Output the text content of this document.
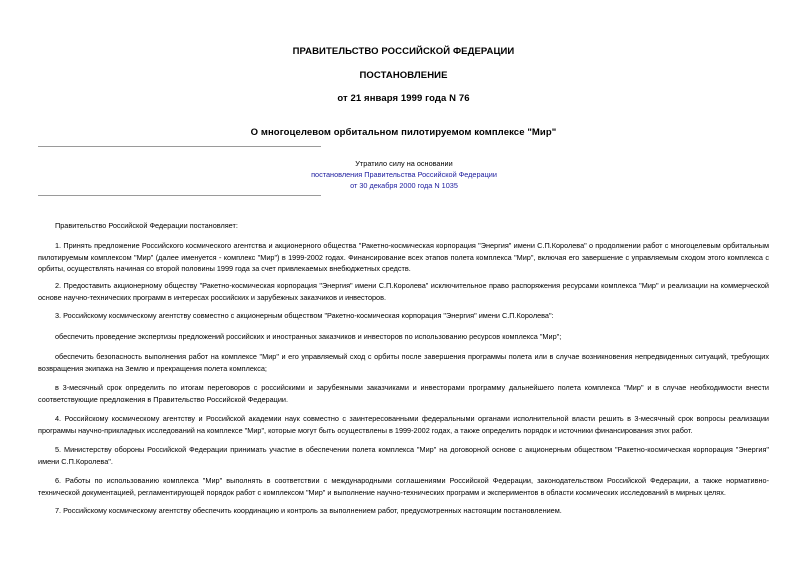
ПРАВИТЕЛЬСТВО РОССИЙСКОЙ ФЕДЕРАЦИИ
ПОСТАНОВЛЕНИЕ
от 21 января 1999 года N 76
О многоцелевом орбитальном пилотируемом комплексе "Мир"
Утратило силу на основании
постановления Правительства Российской Федерации
от 30 декабря 2000 года N 1035
Правительство Российской Федерации постановляет:
1. Принять предложение Российского космического агентства и акционерного общества "Ракетно-космическая корпорация "Энергия" имени С.П.Королева" о продолжении работ с многоцелевым орбитальным пилотируемым комплексом "Мир" (далее именуется - комплекс "Мир") в 1999-2002 годах. Финансирование всех этапов полета комплекса "Мир", включая его завершение с управляемым сходом этого комплекса с орбиты, осуществлять начиная со второй половины 1999 года за счет привлекаемых внебюджетных средств.
2. Предоставить акционерному обществу "Ракетно-космическая корпорация "Энергия" имени С.П.Королева" исключительное право распоряжения ресурсами комплекса "Мир" и реализации на коммерческой основе научно-технических программ в интересах российских и зарубежных заказчиков и инвесторов.
3. Российскому космическому агентству совместно с акционерным обществом "Ракетно-космическая корпорация "Энергия" имени С.П.Королева":
обеспечить проведение экспертизы предложений российских и иностранных заказчиков и инвесторов по использованию ресурсов комплекса "Мир";
обеспечить безопасность выполнения работ на комплексе "Мир" и его управляемый сход с орбиты после завершения программы полета или в случае возникновения непредвиденных ситуаций, требующих возвращения экипажа на Землю и прекращения полета комплекса;
в 3-месячный срок определить по итогам переговоров с российскими и зарубежными заказчиками и инвесторами программу дальнейшего полета комплекса "Мир" и в случае необходимости внести соответствующие предложения в Правительство Российской Федерации.
4. Российскому космическому агентству и Российской академии наук совместно с заинтересованными федеральными органами исполнительной власти решить в 3-месячный срок вопросы реализации программы научно-прикладных исследований на комплексе "Мир", которые могут быть осуществлены в 1999-2002 годах, а также определить порядок и источники финансирования этих работ.
5. Министерству обороны Российской Федерации принимать участие в обеспечении полета комплекса "Мир" на договорной основе с акционерным обществом "Ракетно-космическая корпорация "Энергия" имени С.П.Королева".
6. Работы по использованию комплекса "Мир" выполнять в соответствии с международными соглашениями Российской Федерации, законодательством Российской Федерации, а также нормативно-технической документацией, регламентирующей порядок работ с комплексом "Мир" и выполнение научно-технических программ и экспериментов в области космических исследований в мирных целях.
7. Российскому космическому агентству обеспечить координацию и контроль за выполнением работ, предусмотренных настоящим постановлением.
